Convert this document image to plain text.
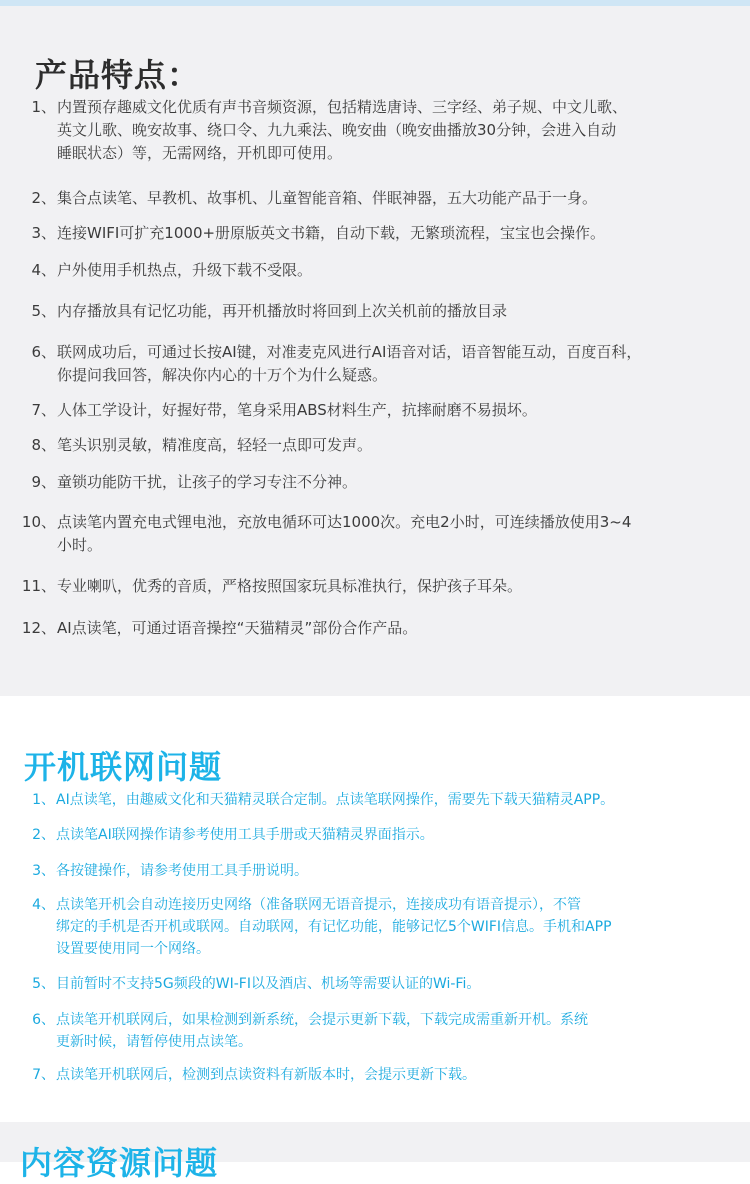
产品特点：
1、 内置预存趣威文化优质有声书音频资源，包括精选唐诗、三字经、弟子规、中文儿歌、
英文儿歌、晚安故事、绕口令、九九乘法、晚安曲（晚安曲播放30分钟，会进入自动
睡眠状态）等，无需网络，开机即可使用。
2、 集合点读笔、早教机、故事机、儿童智能音箱、伴眠神器，五大功能产品于一身。
3、 连接WIFI可扩充1000+册原版英文书籍，自动下载，无繁琐流程，宝宝也会操作。
4、 户外使用手机热点，升级下载不受限。
5、 内存播放具有记忆功能，再开机播放时将回到上次关机前的播放目录
6、 联网成功后，可通过长按AI键，对准麦克风进行AI语音对话，语音智能互动，百度百科，
你提问我回答，解决你内心的十万个为什么疑惑。
7、 人体工学设计，好握好带，笔身采用ABS材料生产，抗摔耐磨不易损坏。
8、 笔头识别灵敏，精准度高，轻轻一点即可发声。
9、 童锁功能防干扰，让孩子的学习专注不分神。
10、 点读笔内置充电式锂电池，充放电循环可达1000次。充电2小时，可连续播放使用3~4
小时。
11、 专业喇叭，优秀的音质，严格按照国家玩具标准执行，保护孩子耳朵。
12、 AI点读笔，可通过语音操控“天猫精灵”部份合作产品。
开机联网问题
1、 AI点读笔，由趣威文化和天猫精灵联合定制。点读笔联网操作，需要先下载天猫精灵APP。
2、 点读笔AI联网操作请参考使用工具手册或天猫精灵界面指示。
3、 各按键操作，请参考使用工具手册说明。
4、 点读笔开机会自动连接历史网络（准备联网无语音提示，连接成功有语音提示），不管
绑定的手机是否开机或联网。自动联网，有记忆功能，能够记忆5个WIFI信息。手机和APP
设置要使用同一个网络。
5、 目前暂时不支持5G频段的WI-FI以及酒店、机场等需要认证的Wi-Fi。
6、 点读笔开机联网后，如果检测到新系统，会提示更新下载，下载完成需重新开机。系统
更新时候，请暂停使用点读笔。
7、 点读笔开机联网后，检测到点读资料有新版本时，会提示更新下载。
内容资源问题
